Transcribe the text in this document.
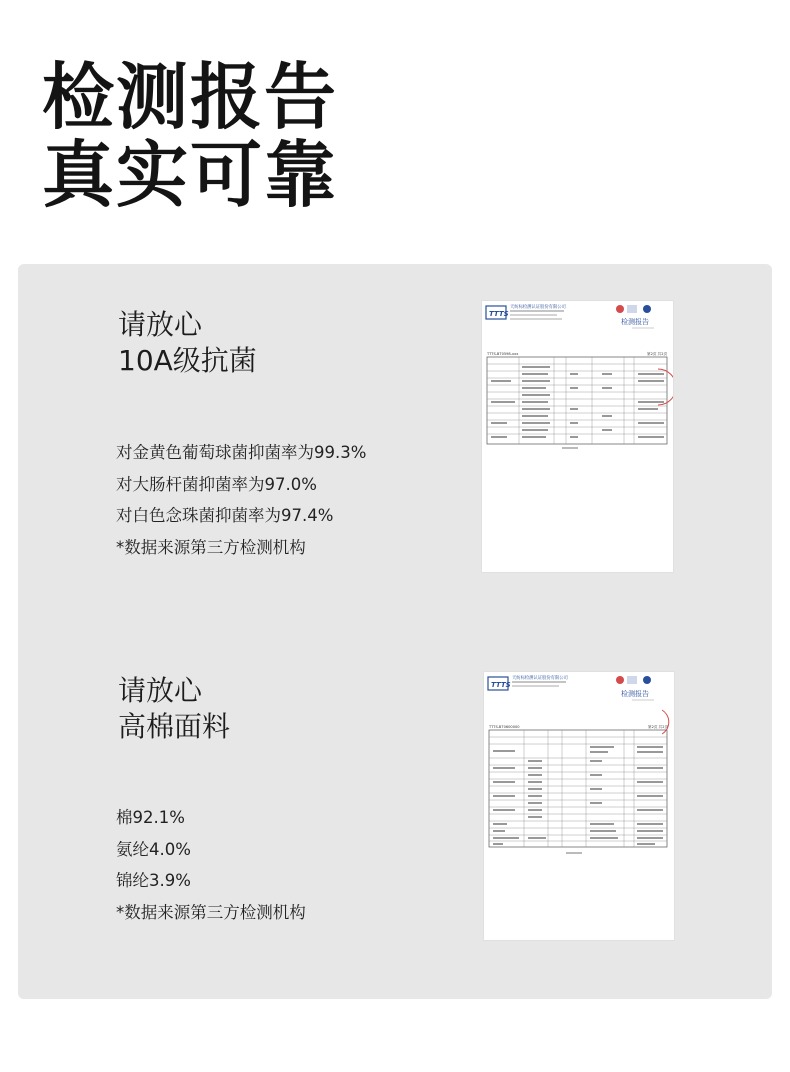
检测报告
真实可靠
请放心
10A级抗菌
对金黄色葡萄球菌抑菌率为99.3%
对大肠杆菌抑菌率为97.0%
对白色念珠菌抑菌率为97.4%
*数据来源第三方检测机构
TTTS
天纺标检测认证股份有限公司
检测报告
TTTS-BT0598-xxx	第2页 共2页
请放心
高棉面料
棉92.1%
氨纶4.0%
锦纶3.9%
*数据来源第三方检测机构
TTTS
天纺标检测认证股份有限公司
检测报告
TTTS-BT0600000	第2页 共2页
